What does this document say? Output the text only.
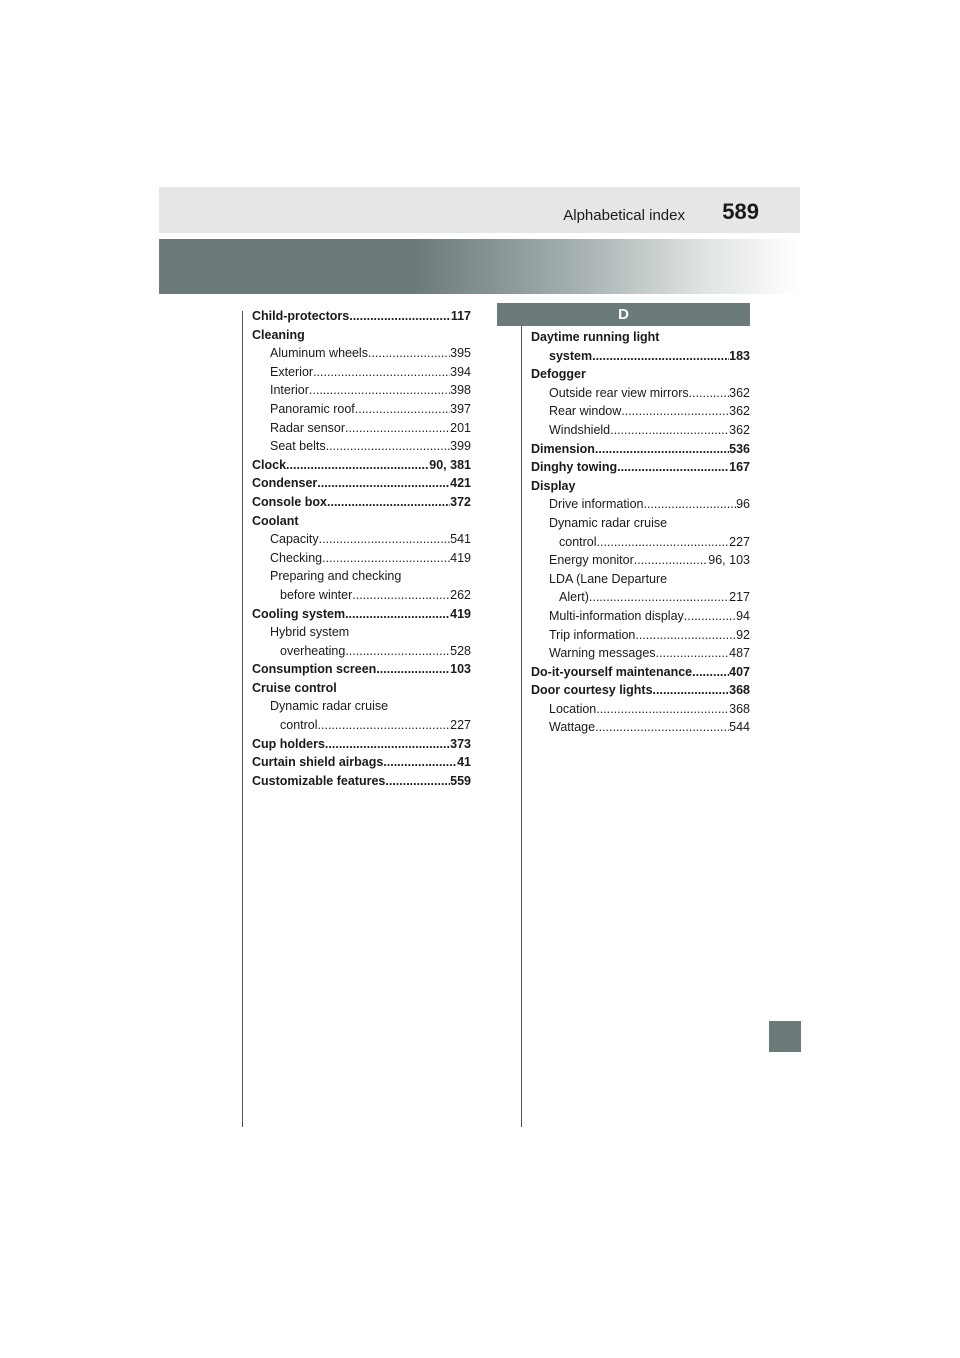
Alphabetical index 589
D
Child-protectors .....	117
Cleaning
Aluminum wheels .....	395
Exterior .....	394
Interior .....	398
Panoramic roof .....	397
Radar sensor .....	201
Seat belts .....	399
Clock .....	90, 381
Condenser .....	421
Console box .....	372
Coolant
Capacity .....	541
Checking .....	419
Preparing and checking
before winter .....	262
Cooling system .....	419
Hybrid system
overheating .....	528
Consumption screen .....	103
Cruise control
Dynamic radar cruise
control .....	227
Cup holders .....	373
Curtain shield airbags .....	41
Customizable features .....	559
Daytime running light
system .....	183
Defogger
Outside rear view mirrors .....	362
Rear window .....	362
Windshield .....	362
Dimension .....	536
Dinghy towing .....	167
Display
Drive information .....	96
Dynamic radar cruise
control .....	227
Energy monitor .....	96, 103
LDA (Lane Departure
Alert) .....	217
Multi-information display .....	94
Trip information .....	92
Warning messages .....	487
Do-it-yourself maintenance .....	407
Door courtesy lights .....	368
Location .....	368
Wattage .....	544
